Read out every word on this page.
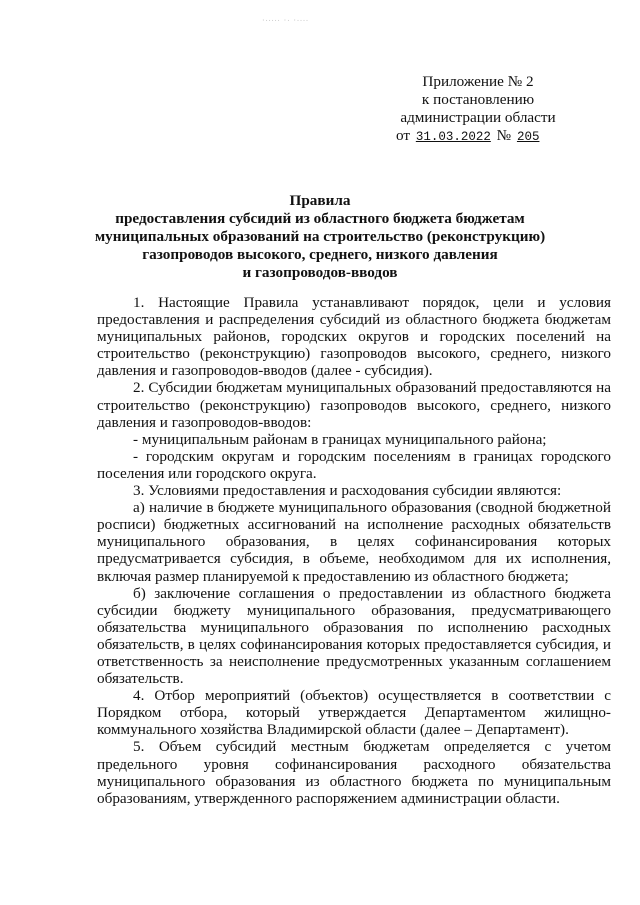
·∙∙∙∙∙ ·∙ ·∙∙∙∙
Приложение № 2
к постановлению
администрации области
от 31.03.2022 № 205
Правила
предоставления субсидий из областного бюджета бюджетам
муниципальных образований на строительство (реконструкцию)
газопроводов высокого, среднего, низкого давления
и газопроводов-вводов

1. Настоящие Правила устанавливают порядок, цели и условия предоставления и распределения субсидий из областного бюджета бюджетам муниципальных районов, городских округов и городских поселений на строительство (реконструкцию) газопроводов высокого, среднего, низкого давления и газопроводов-вводов (далее - субсидия).

2. Субсидии бюджетам муниципальных образований предоставляются на строительство (реконструкцию) газопроводов высокого, среднего, низкого давления и газопроводов-вводов:

- муниципальным районам в границах муниципального района;

- городским округам и городским поселениям в границах городского поселения или городского округа.

3. Условиями предоставления и расходования субсидии являются:

а) наличие в бюджете муниципального образования (сводной бюджетной росписи) бюджетных ассигнований на исполнение расходных обязательств муниципального образования, в целях софинансирования которых предусматривается субсидия, в объеме, необходимом для их исполнения, включая размер планируемой к предоставлению из областного бюджета;

б) заключение соглашения о предоставлении из областного бюджета субсидии бюджету муниципального образования, предусматривающего обязательства муниципального образования по исполнению расходных обязательств, в целях софинансирования которых предоставляется субсидия, и ответственность за неисполнение предусмотренных указанным соглашением обязательств.

4. Отбор мероприятий (объектов) осуществляется в соответствии с Порядком отбора, который утверждается Департаментом жилищно-коммунального хозяйства Владимирской области (далее – Департамент).

5. Объем субсидий местным бюджетам определяется с учетом предельного уровня софинансирования расходного обязательства муниципального образования из областного бюджета по муниципальным образованиям, утвержденного распоряжением администрации области.
